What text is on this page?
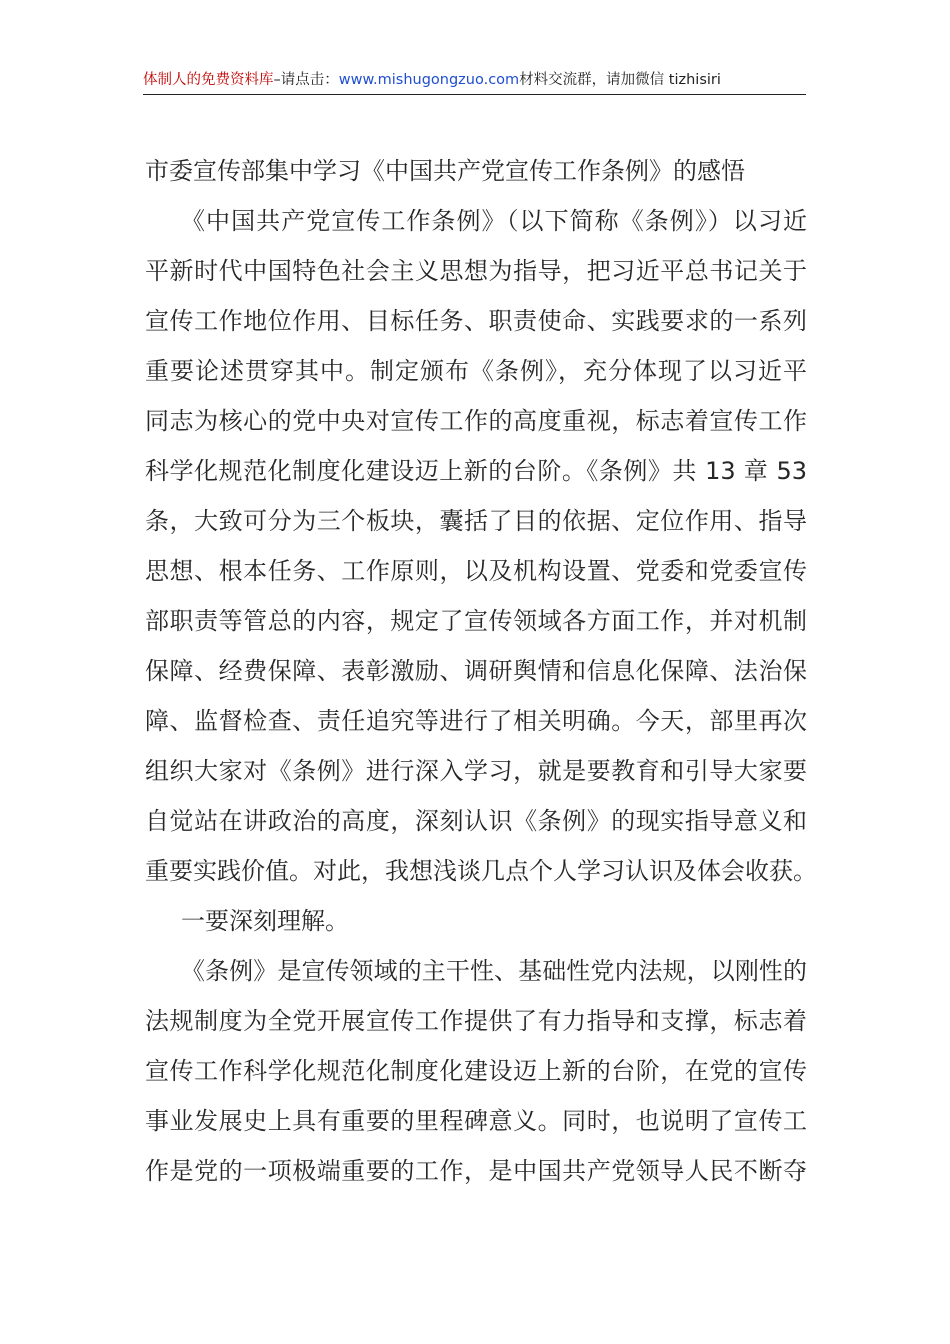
体制人的免费资料库–请点击：www.mishugongzuo.com材料交流群，请加微信 tizhisiri
市委宣传部集中学习《中国共产党宣传工作条例》的感悟
《中国共产党宣传工作条例》（以下简称《条例》）以习近
平新时代中国特色社会主义思想为指导，把习近平总书记关于
宣传工作地位作用、目标任务、职责使命、实践要求的一系列
重要论述贯穿其中。制定颁布《条例》，充分体现了以习近平
同志为核心的党中央对宣传工作的高度重视，标志着宣传工作
科学化规范化制度化建设迈上新的台阶。《条例》共 13 章 53
条，大致可分为三个板块，囊括了目的依据、定位作用、指导
思想、根本任务、工作原则，以及机构设置、党委和党委宣传
部职责等管总的内容，规定了宣传领域各方面工作，并对机制
保障、经费保障、表彰激励、调研舆情和信息化保障、法治保
障、监督检查、责任追究等进行了相关明确。今天，部里再次
组织大家对《条例》进行深入学习，就是要教育和引导大家要
自觉站在讲政治的高度，深刻认识《条例》的现实指导意义和
重要实践价值。对此，我想浅谈几点个人学习认识及体会收获。
一要深刻理解。
《条例》是宣传领域的主干性、基础性党内法规，以刚性的
法规制度为全党开展宣传工作提供了有力指导和支撑，标志着
宣传工作科学化规范化制度化建设迈上新的台阶，在党的宣传
事业发展史上具有重要的里程碑意义。同时，也说明了宣传工
作是党的一项极端重要的工作，是中国共产党领导人民不断夺
